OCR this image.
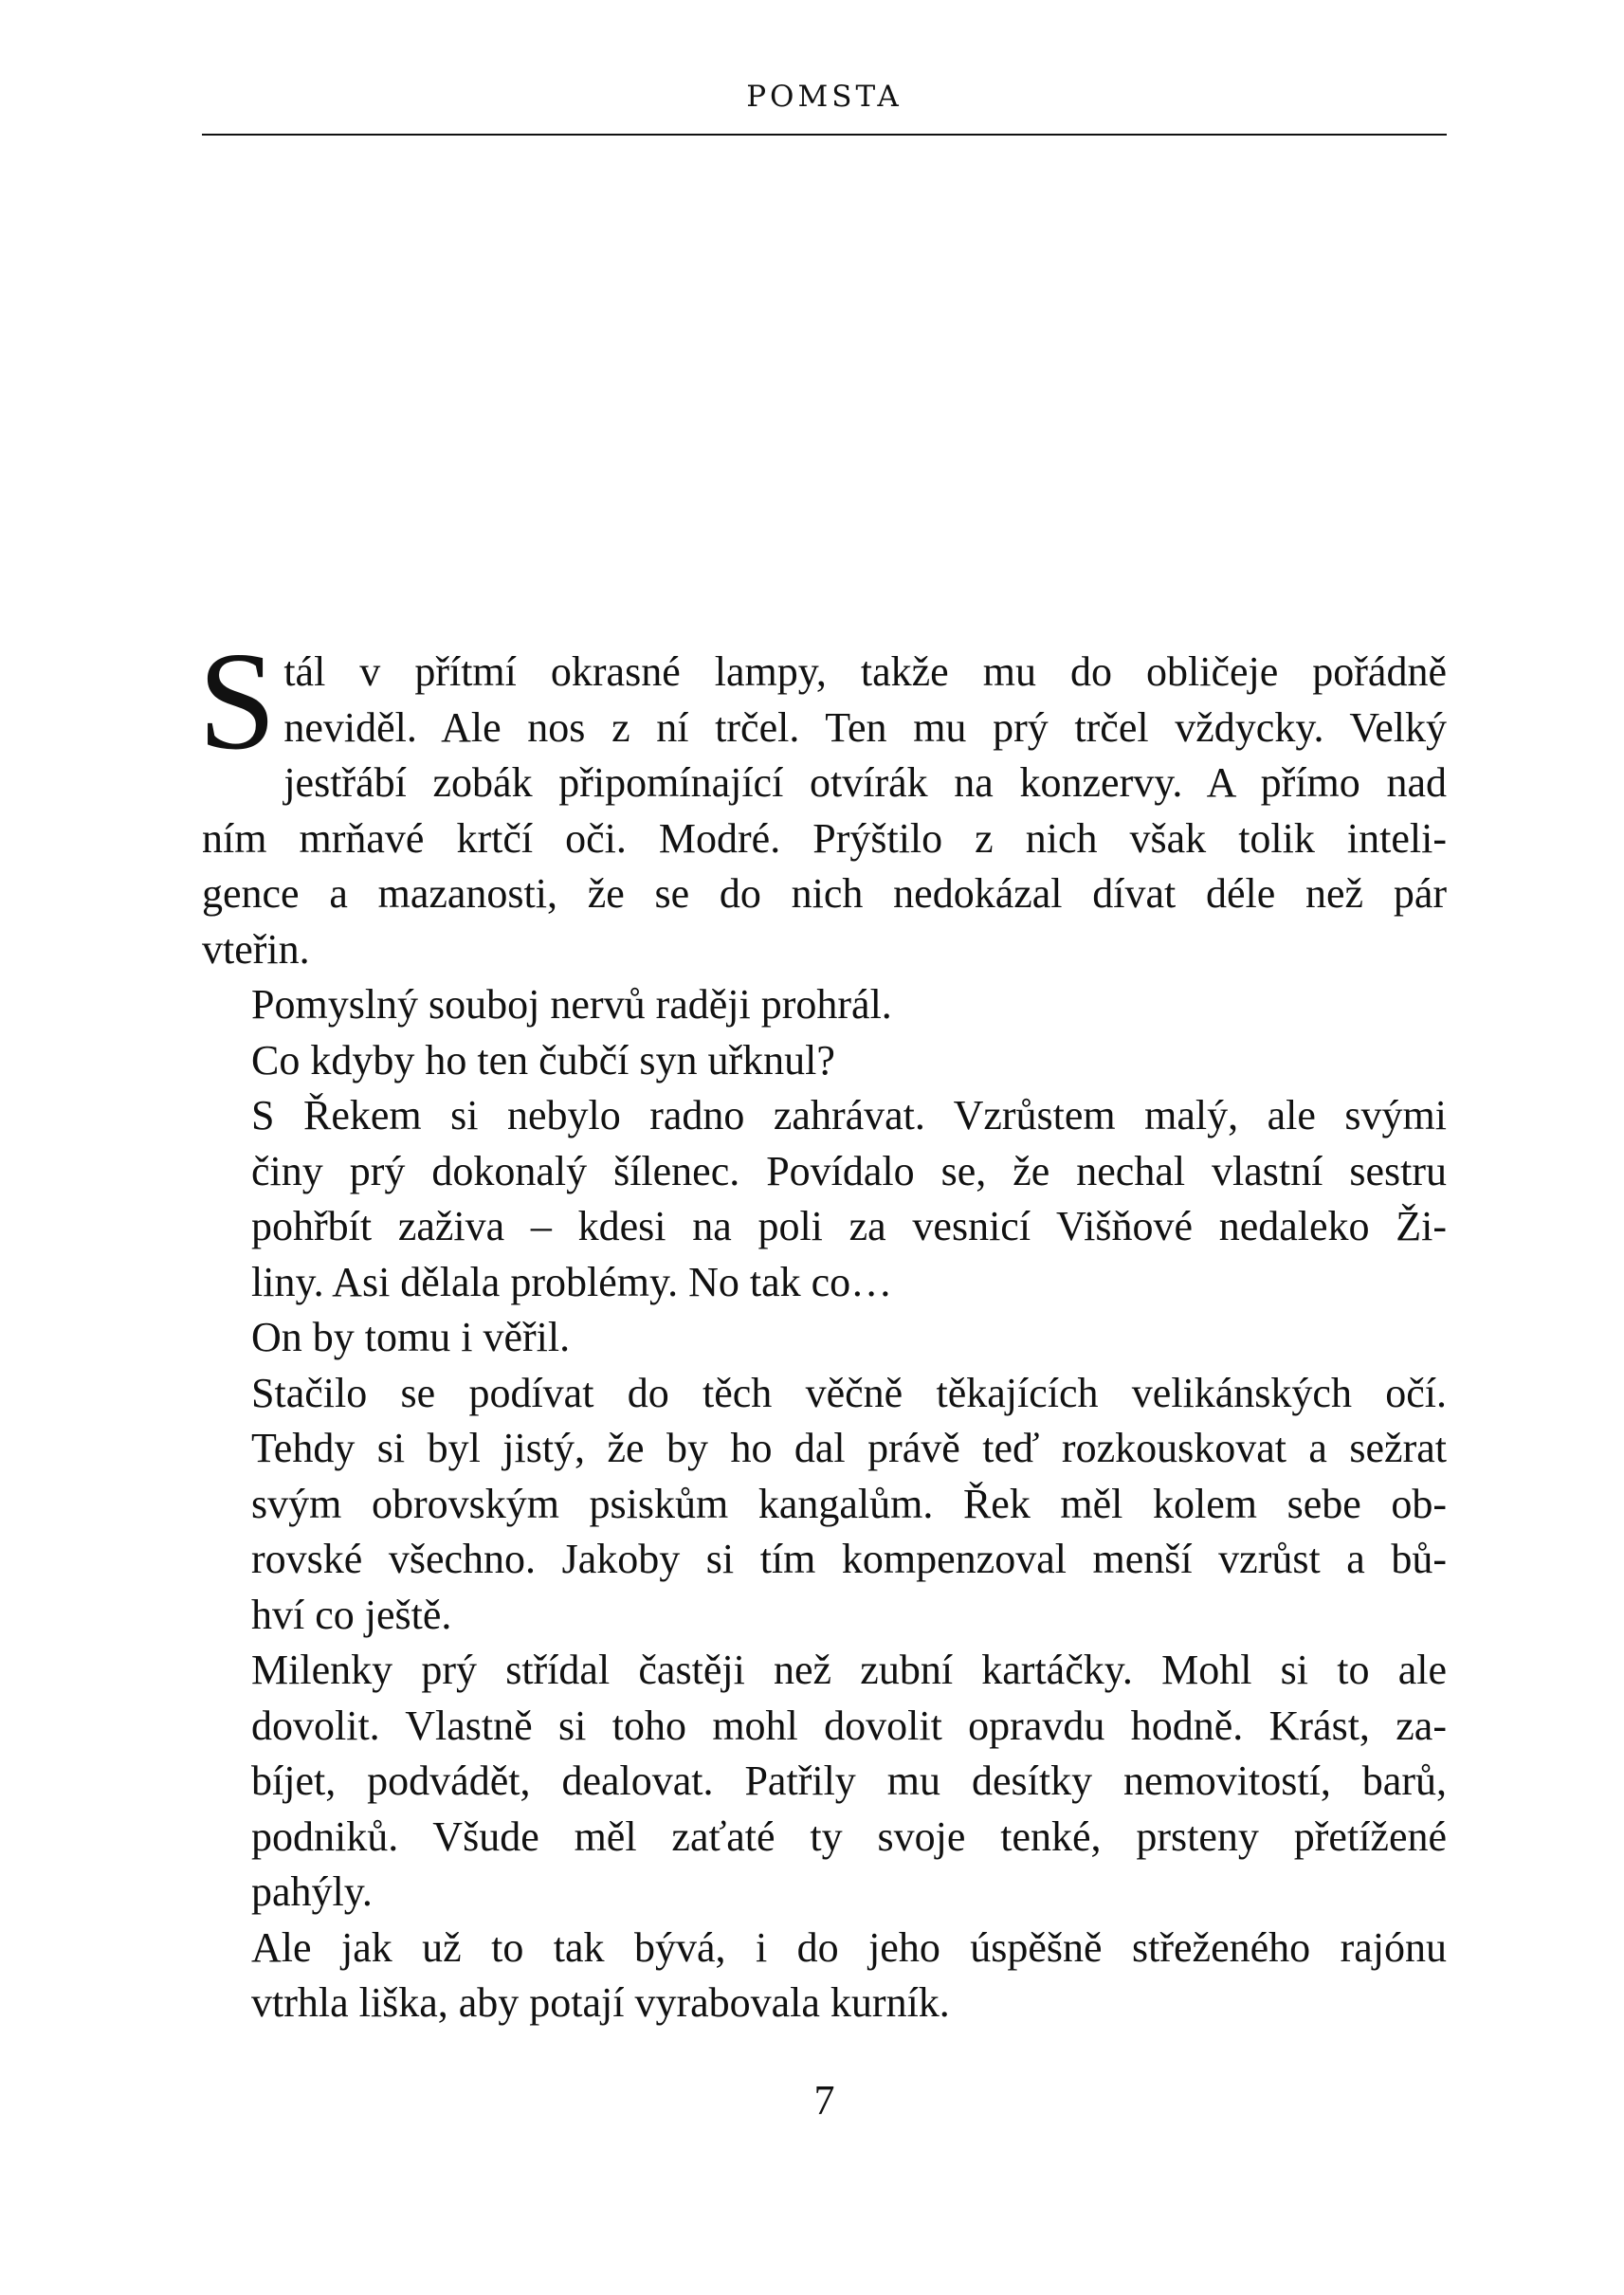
POMSTA

S tál v přítmí okrasné lampy, takže mu do obličeje pořádně
neviděl. Ale nos z ní trčel. Ten mu prý trčel vždycky. Velký
jestřábí zobák připomínající otvírák na konzervy. A přímo nad
ním mrňavé krtčí oči. Modré. Prýštilo z nich však tolik inteli-
gence a mazanosti, že se do nich nedokázal dívat déle než pár
vteřin.

Pomyslný souboj nervů raději prohrál.

Co kdyby ho ten čubčí syn uřknul?

S Řekem si nebylo radno zahrávat. Vzrůstem malý, ale svými
činy prý dokonalý šílenec. Povídalo se, že nechal vlastní sestru
pohřbít zaživa – kdesi na poli za vesnicí Višňové nedaleko Ži-
liny. Asi dělala problémy. No tak co…

On by tomu i věřil.

Stačilo se podívat do těch věčně těkajících velikánských očí.
Tehdy si byl jistý, že by ho dal právě teď rozkouskovat a sežrat
svým obrovským psiskům kangalům. Řek měl kolem sebe ob-
rovské všechno. Jakoby si tím kompenzoval menší vzrůst a bů-
hví co ještě.

Milenky prý střídal častěji než zubní kartáčky. Mohl si to ale
dovolit. Vlastně si toho mohl dovolit opravdu hodně. Krást, za-
bíjet, podvádět, dealovat. Patřily mu desítky nemovitostí, barů,
podniků. Všude měl zaťaté ty svoje tenké, prsteny přetížené
pahýly.

Ale jak už to tak bývá, i do jeho úspěšně střeženého rajónu
vtrhla liška, aby potají vyrabovala kurník.

7
